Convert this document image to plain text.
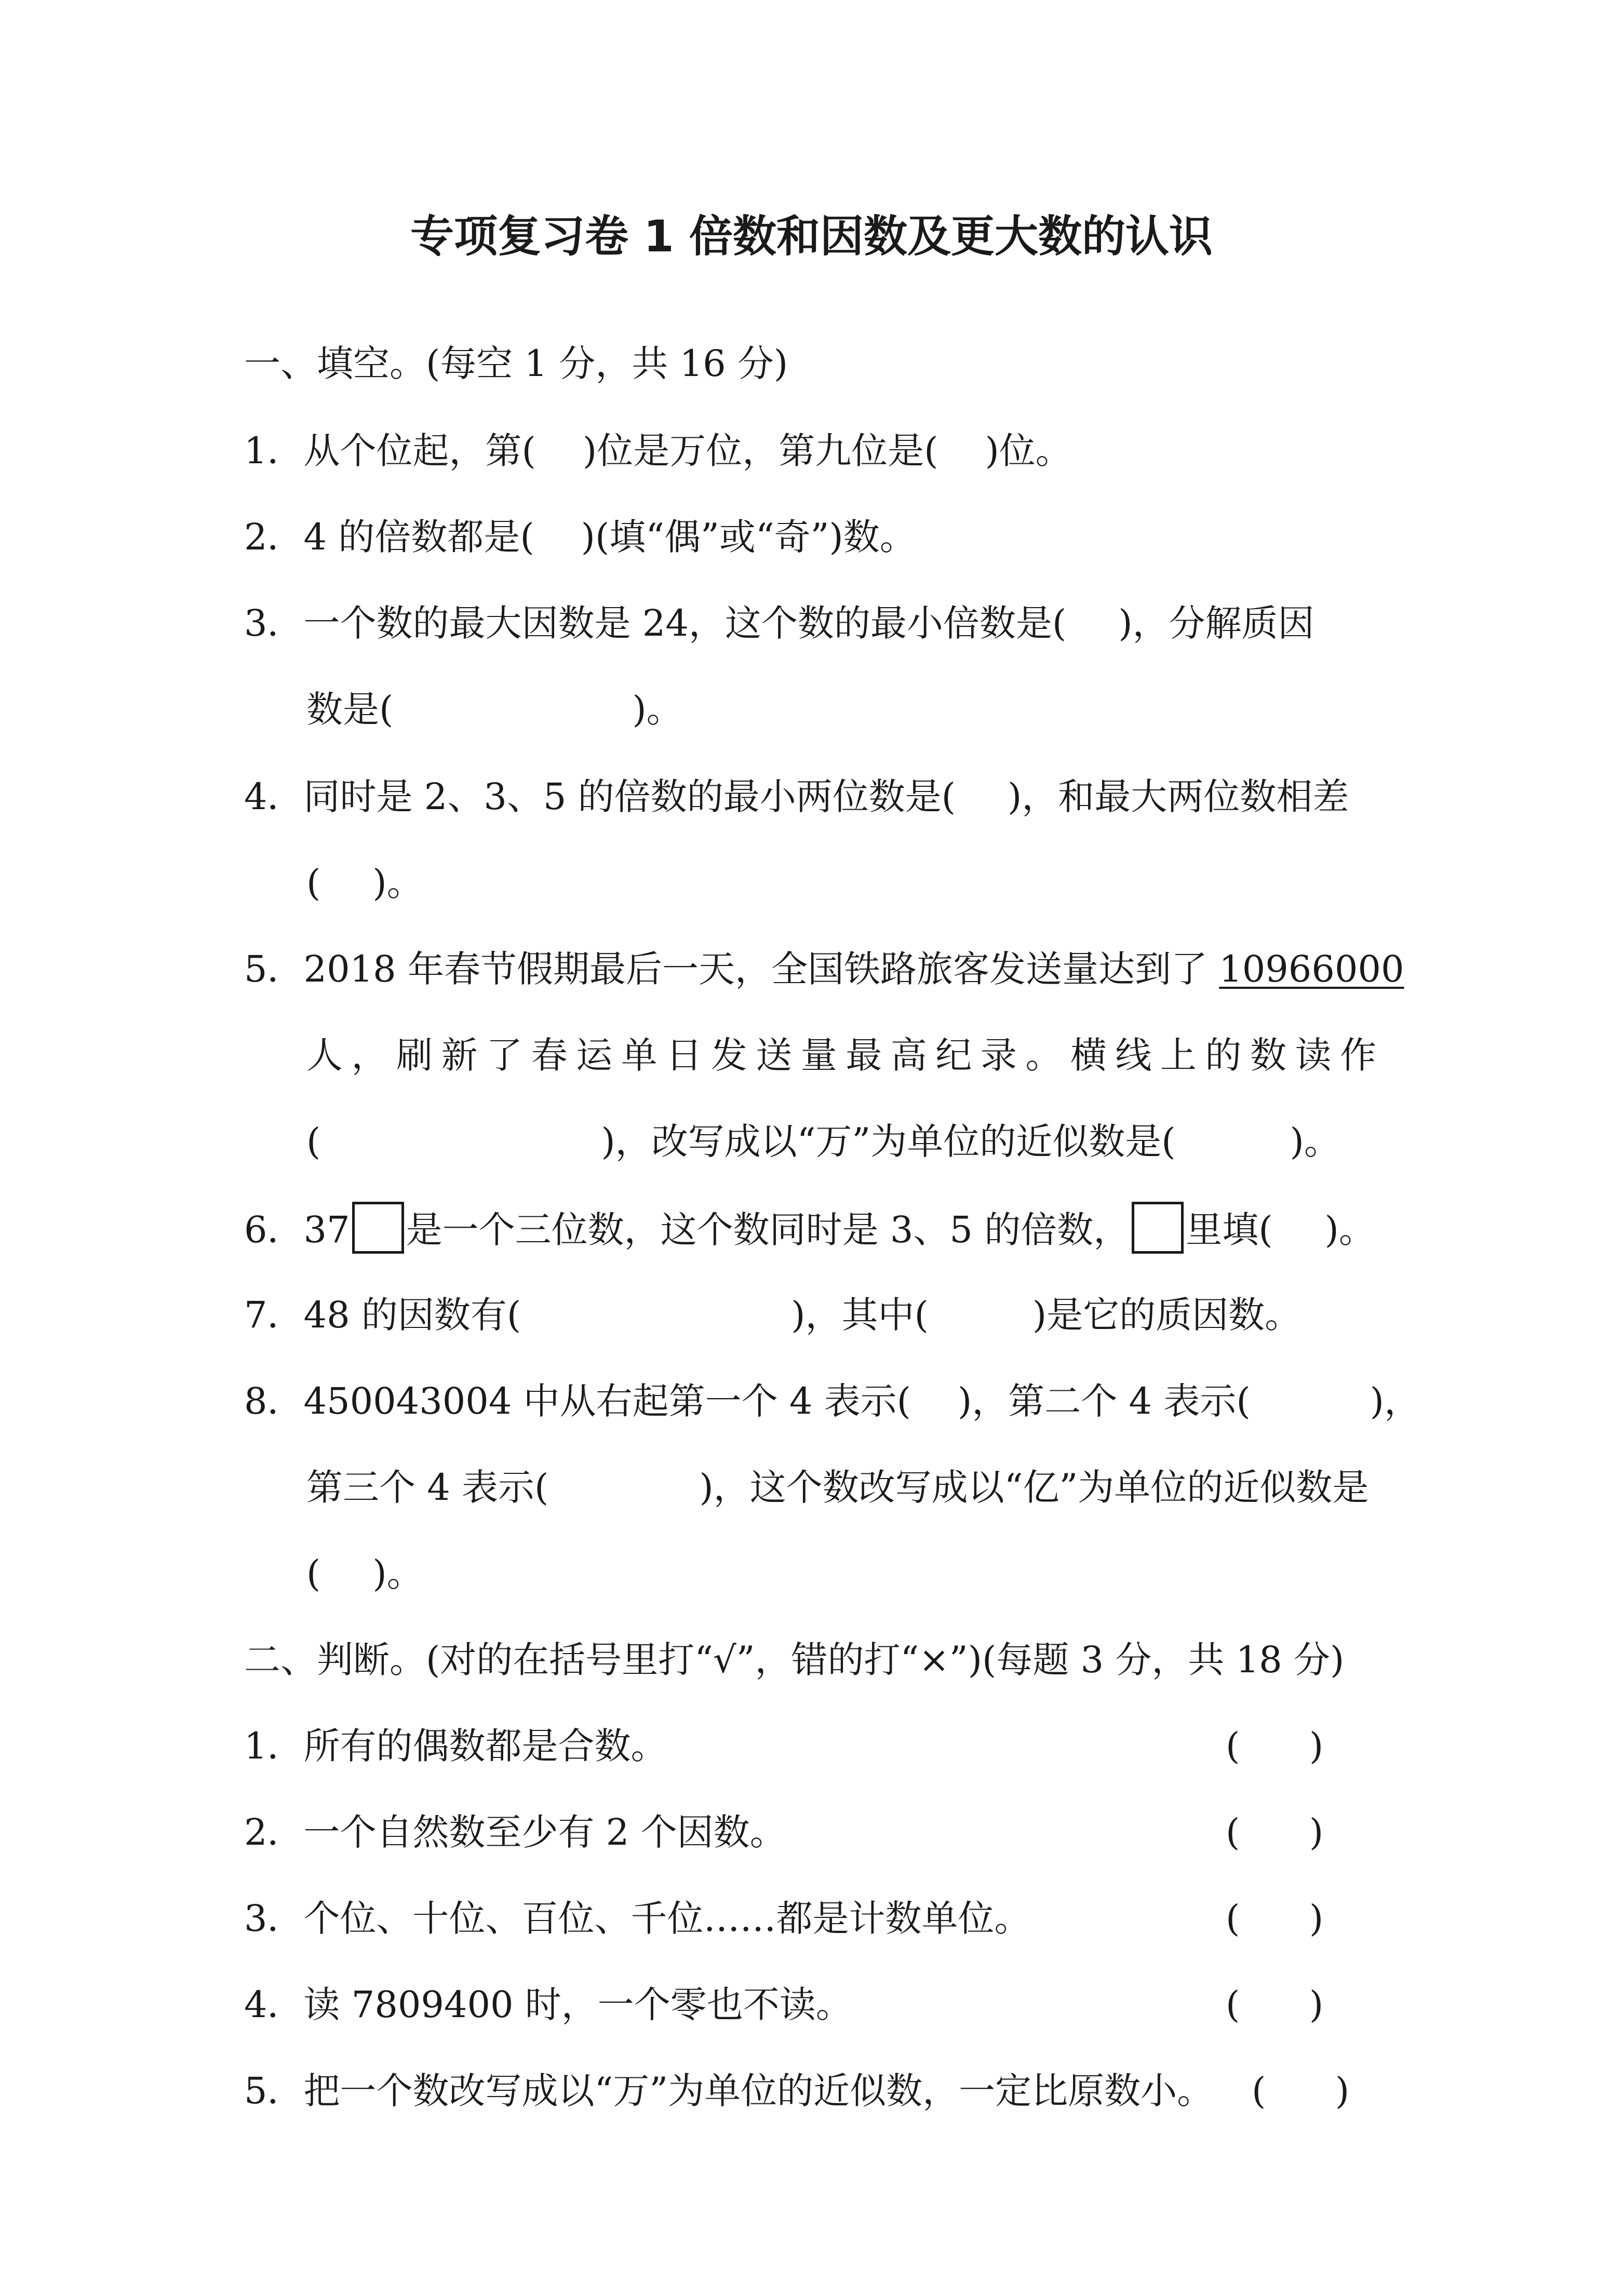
专项复习卷 1 倍数和因数及更大数的认识
一、填空。(每空 1 分，共 16 分)
1．从个位起，第( )位是万位，第九位是( )位。
2．4 的倍数都是( )(填“偶”或“奇”)数。
3．一个数的最大因数是 24，这个数的最小倍数是( )，分解质因
数是(	)。
4．同时是 2、3、5 的倍数的最小两位数是( )，和最大两位数相差
( )。
5．2018 年春节假期最后一天，全国铁路旅客发送量达到了 10966000
人，刷新了春运单日发送量最高纪录。横线上的数读作
(	)，改写成以“万”为单位的近似数是(	)。
6．37 是一个三位数，这个数同时是 3、5 的倍数， 里填( )。
7．48 的因数有(	)，其中(	)是它的质因数。
8．450043004 中从右起第一个 4 表示( )，第二个 4 表示(	)，
第三个 4 表示(	)，这个数改写成以“亿”为单位的近似数是
( )。
二、判断。(对的在括号里打“√”，错的打“×”)(每题 3 分，共 18 分)
1．所有的偶数都是合数。	(      )
2．一个自然数至少有 2 个因数。	(      )
3．个位、十位、百位、千位……都是计数单位。	(      )
4．读 7809400 时，一个零也不读。	(      )
5．把一个数改写成以“万”为单位的近似数，一定比原数小。 (      )
